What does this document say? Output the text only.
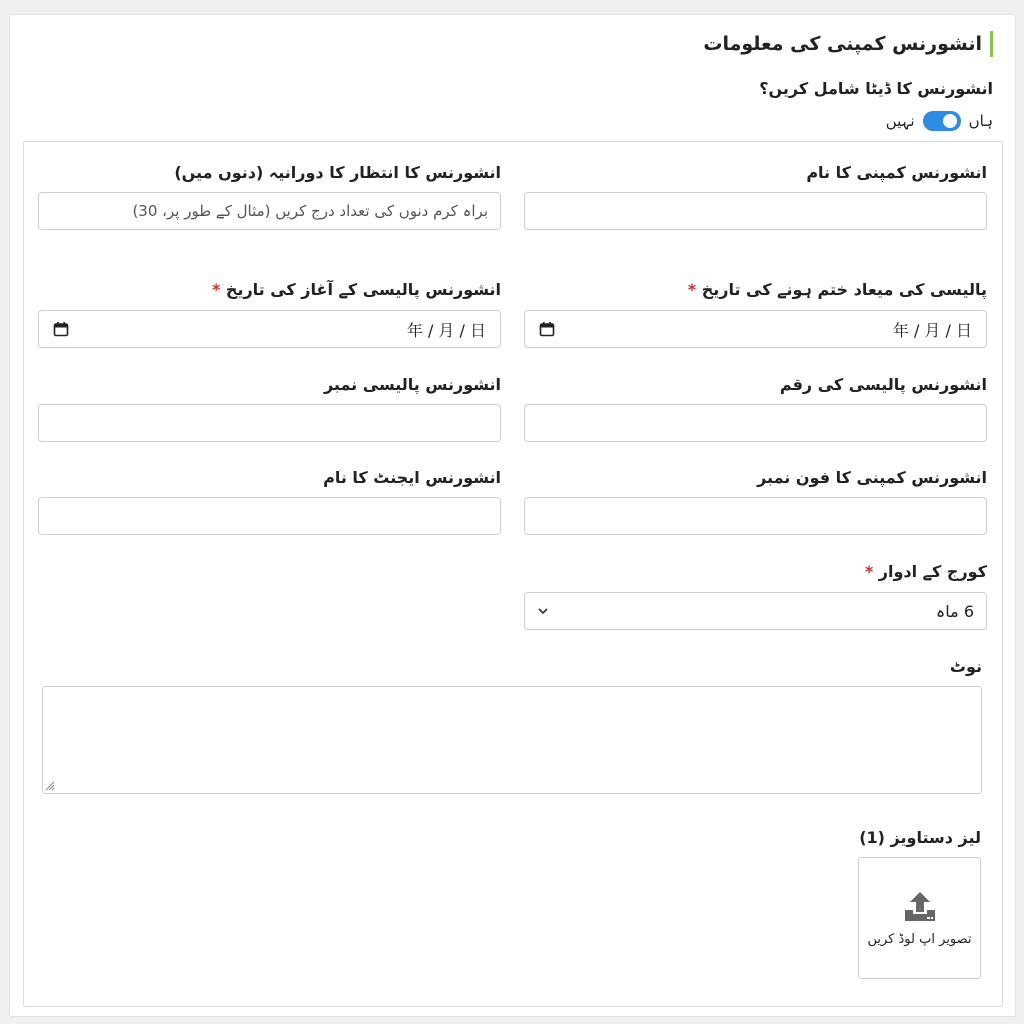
انشورنس کمپنی کی معلومات
انشورنس کا ڈیٹا شامل کریں؟
ہاں
نہیں
انشورنس کمپنی کا نام
انشورنس کا انتظار کا دورانیہ (دنوں میں)
براہ کرم دنوں کی تعداد درج کریں (مثال کے طور پر، 30)
پالیسی کی میعاد ختم ہونے کی تاریخ *
年 / 月 / 日
انشورنس پالیسی کے آغاز کی تاریخ *
年 / 月 / 日
انشورنس پالیسی کی رقم
انشورنس پالیسی نمبر
انشورنس کمپنی کا فون نمبر
انشورنس ایجنٹ کا نام
کورج کے ادوار *
6 ماہ
نوٹ
لیز دستاویز (1)
تصویر اپ لوڈ کریں
